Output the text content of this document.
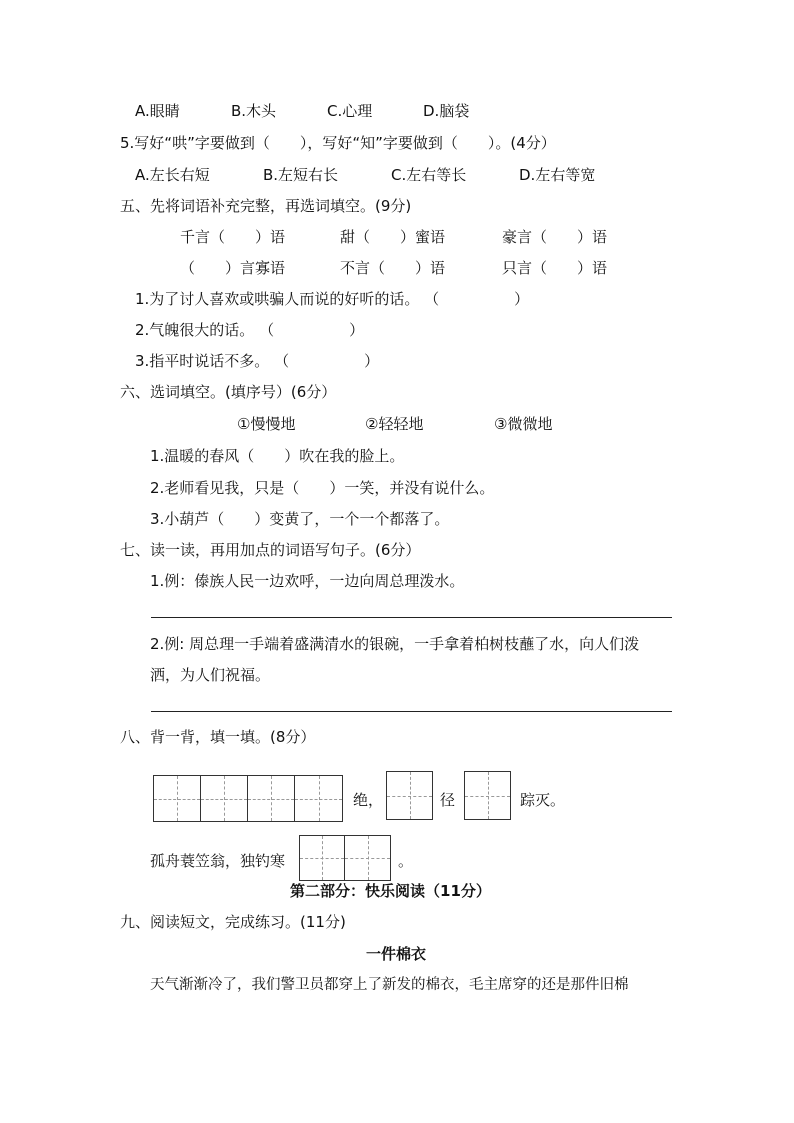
A.眼睛	B.木头	C.心理	D.脑袋
5.写好“哄”字要做到（　　），写好“知”字要做到（　　）。(4分）
A.左长右短	B.左短右长	C.左右等长	D.左右等宽
五、先将词语补充完整，再选词填空。(9分)
千言（　　）语	甜（　　）蜜语	豪言（　　）语
（　　）言寡语	不言（　　）语	只言（　　）语
1.为了讨人喜欢或哄骗人而说的好听的话。 （　　　　　）
2.气魄很大的话。 （　　　　　）
3.指平时说话不多。 （　　　　　）
六、选词填空。(填序号）(6分）
①慢慢地	②轻轻地	③微微地
1.温暖的春风（　　）吹在我的脸上。
2.老师看见我，只是（　　）一笑，并没有说什么。
3.小葫芦（　　）变黄了，一个一个都落了。
七、读一读，再用加点的词语写句子。(6分）
1.例：傣族人民一边欢呼，一边向周总理泼水。
2.例: 周总理一手端着盛满清水的银碗，一手拿着柏树枝蘸了水，向人们泼
洒，为人们祝福。
八、背一背，填一填。(8分）
绝，	径	踪灭。
孤舟蓑笠翁，独钓寒	。
第二部分：快乐阅读（11分）
九、阅读短文，完成练习。(11分)
一件棉衣
天气渐渐冷了，我们警卫员都穿上了新发的棉衣，毛主席穿的还是那件旧棉
